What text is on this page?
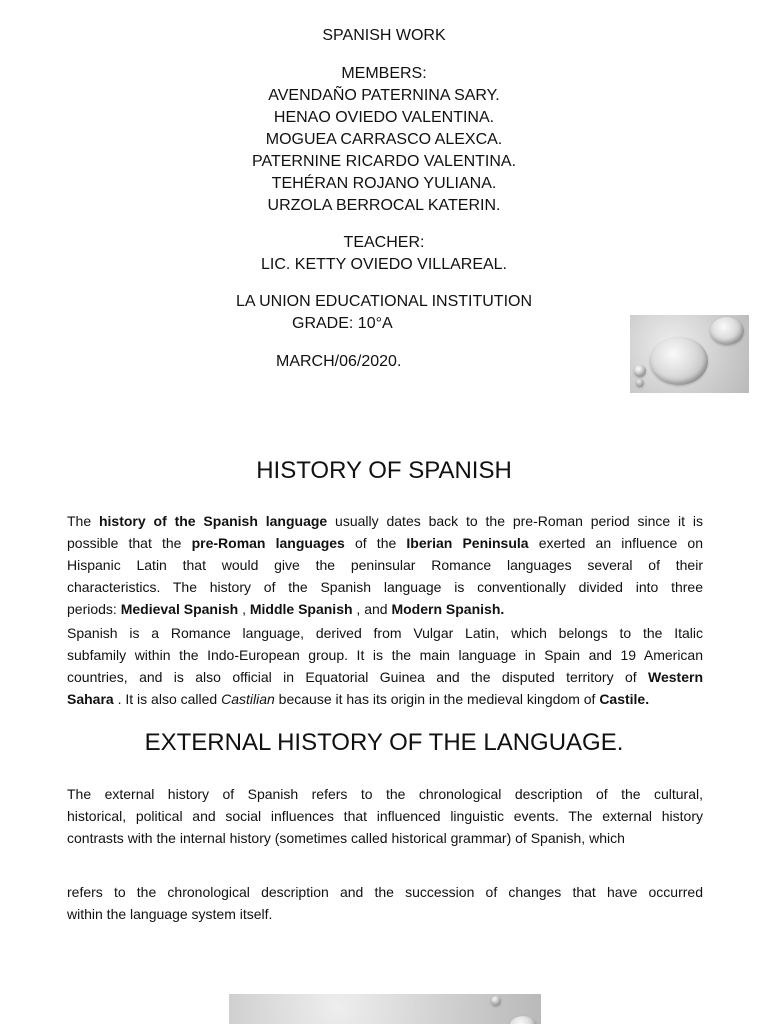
SPANISH WORK
MEMBERS:
AVENDAÑO PATERNINA SARY.
HENAO OVIEDO VALENTINA.
MOGUEA CARRASCO ALEXCA.
PATERNINE RICARDO VALENTINA.
TEHÉRAN ROJANO YULIANA.
URZOLA BERROCAL KATERIN.
TEACHER:
LIC. KETTY OVIEDO VILLAREAL.
LA UNION EDUCATIONAL INSTITUTION
GRADE: 10°A
MARCH/06/2020.
HISTORY OF SPANISH
The history of the Spanish language usually dates back to the pre-Roman period since it is
possible that the pre-Roman languages of the Iberian Peninsula exerted an influence on
Hispanic Latin that would give the peninsular Romance languages several of their
characteristics. The history of the Spanish language is conventionally divided into three
periods: Medieval Spanish , Middle Spanish , and Modern Spanish.
Spanish is a Romance language, derived from Vulgar Latin, which belongs to the Italic
subfamily within the Indo-European group. It is the main language in Spain and 19 American
countries, and is also official in Equatorial Guinea and the disputed territory of Western
Sahara . It is also called Castilian because it has its origin in the medieval kingdom of Castile.
EXTERNAL HISTORY OF THE LANGUAGE.
The external history of Spanish refers to the chronological description of the cultural,
historical, political and social influences that influenced linguistic events. The external history
contrasts with the internal history (sometimes called historical grammar) of Spanish, which
refers to the chronological description and the succession of changes that have occurred
within the language system itself.
